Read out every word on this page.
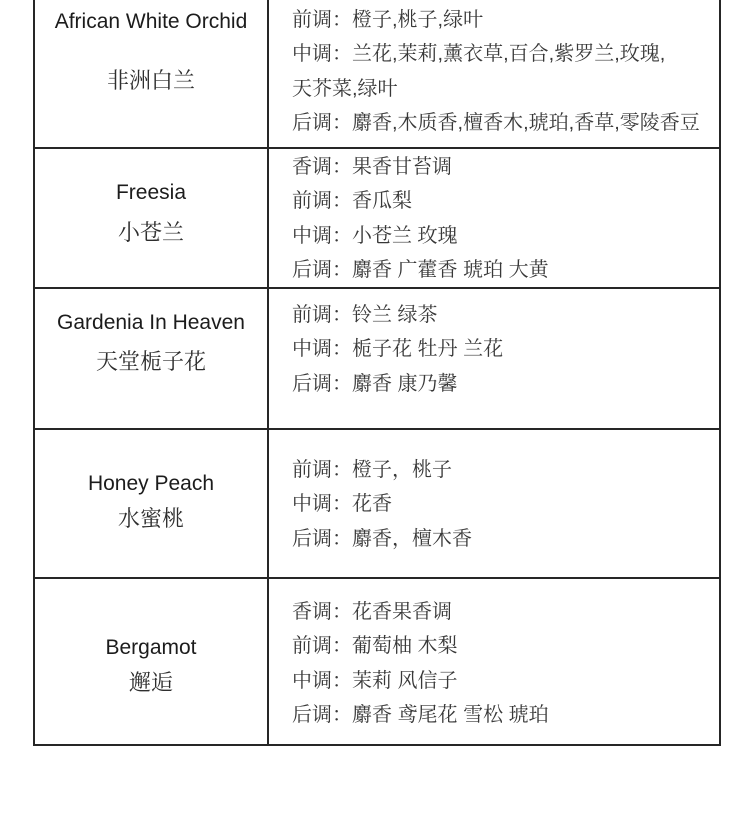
African White Orchid
非洲白兰
前调：橙子,桃子,绿叶
中调：兰花,茉莉,薰衣草,百合,紫罗兰,玫瑰,
天芥菜,绿叶
后调：麝香,木质香,檀香木,琥珀,香草,零陵香豆
Freesia
小苍兰
香调：果香甘苔调
前调：香瓜梨
中调：小苍兰 玫瑰
后调：麝香 广藿香 琥珀 大黄
Gardenia In Heaven
天堂栀子花
前调：铃兰 绿茶
中调：栀子花 牡丹 兰花
后调：麝香 康乃馨
Honey Peach
水蜜桃
前调：橙子，桃子
中调：花香
后调：麝香，檀木香
Bergamot
邂逅
香调：花香果香调
前调：葡萄柚 木梨
中调：茉莉 风信子
后调：麝香 鸢尾花 雪松 琥珀
